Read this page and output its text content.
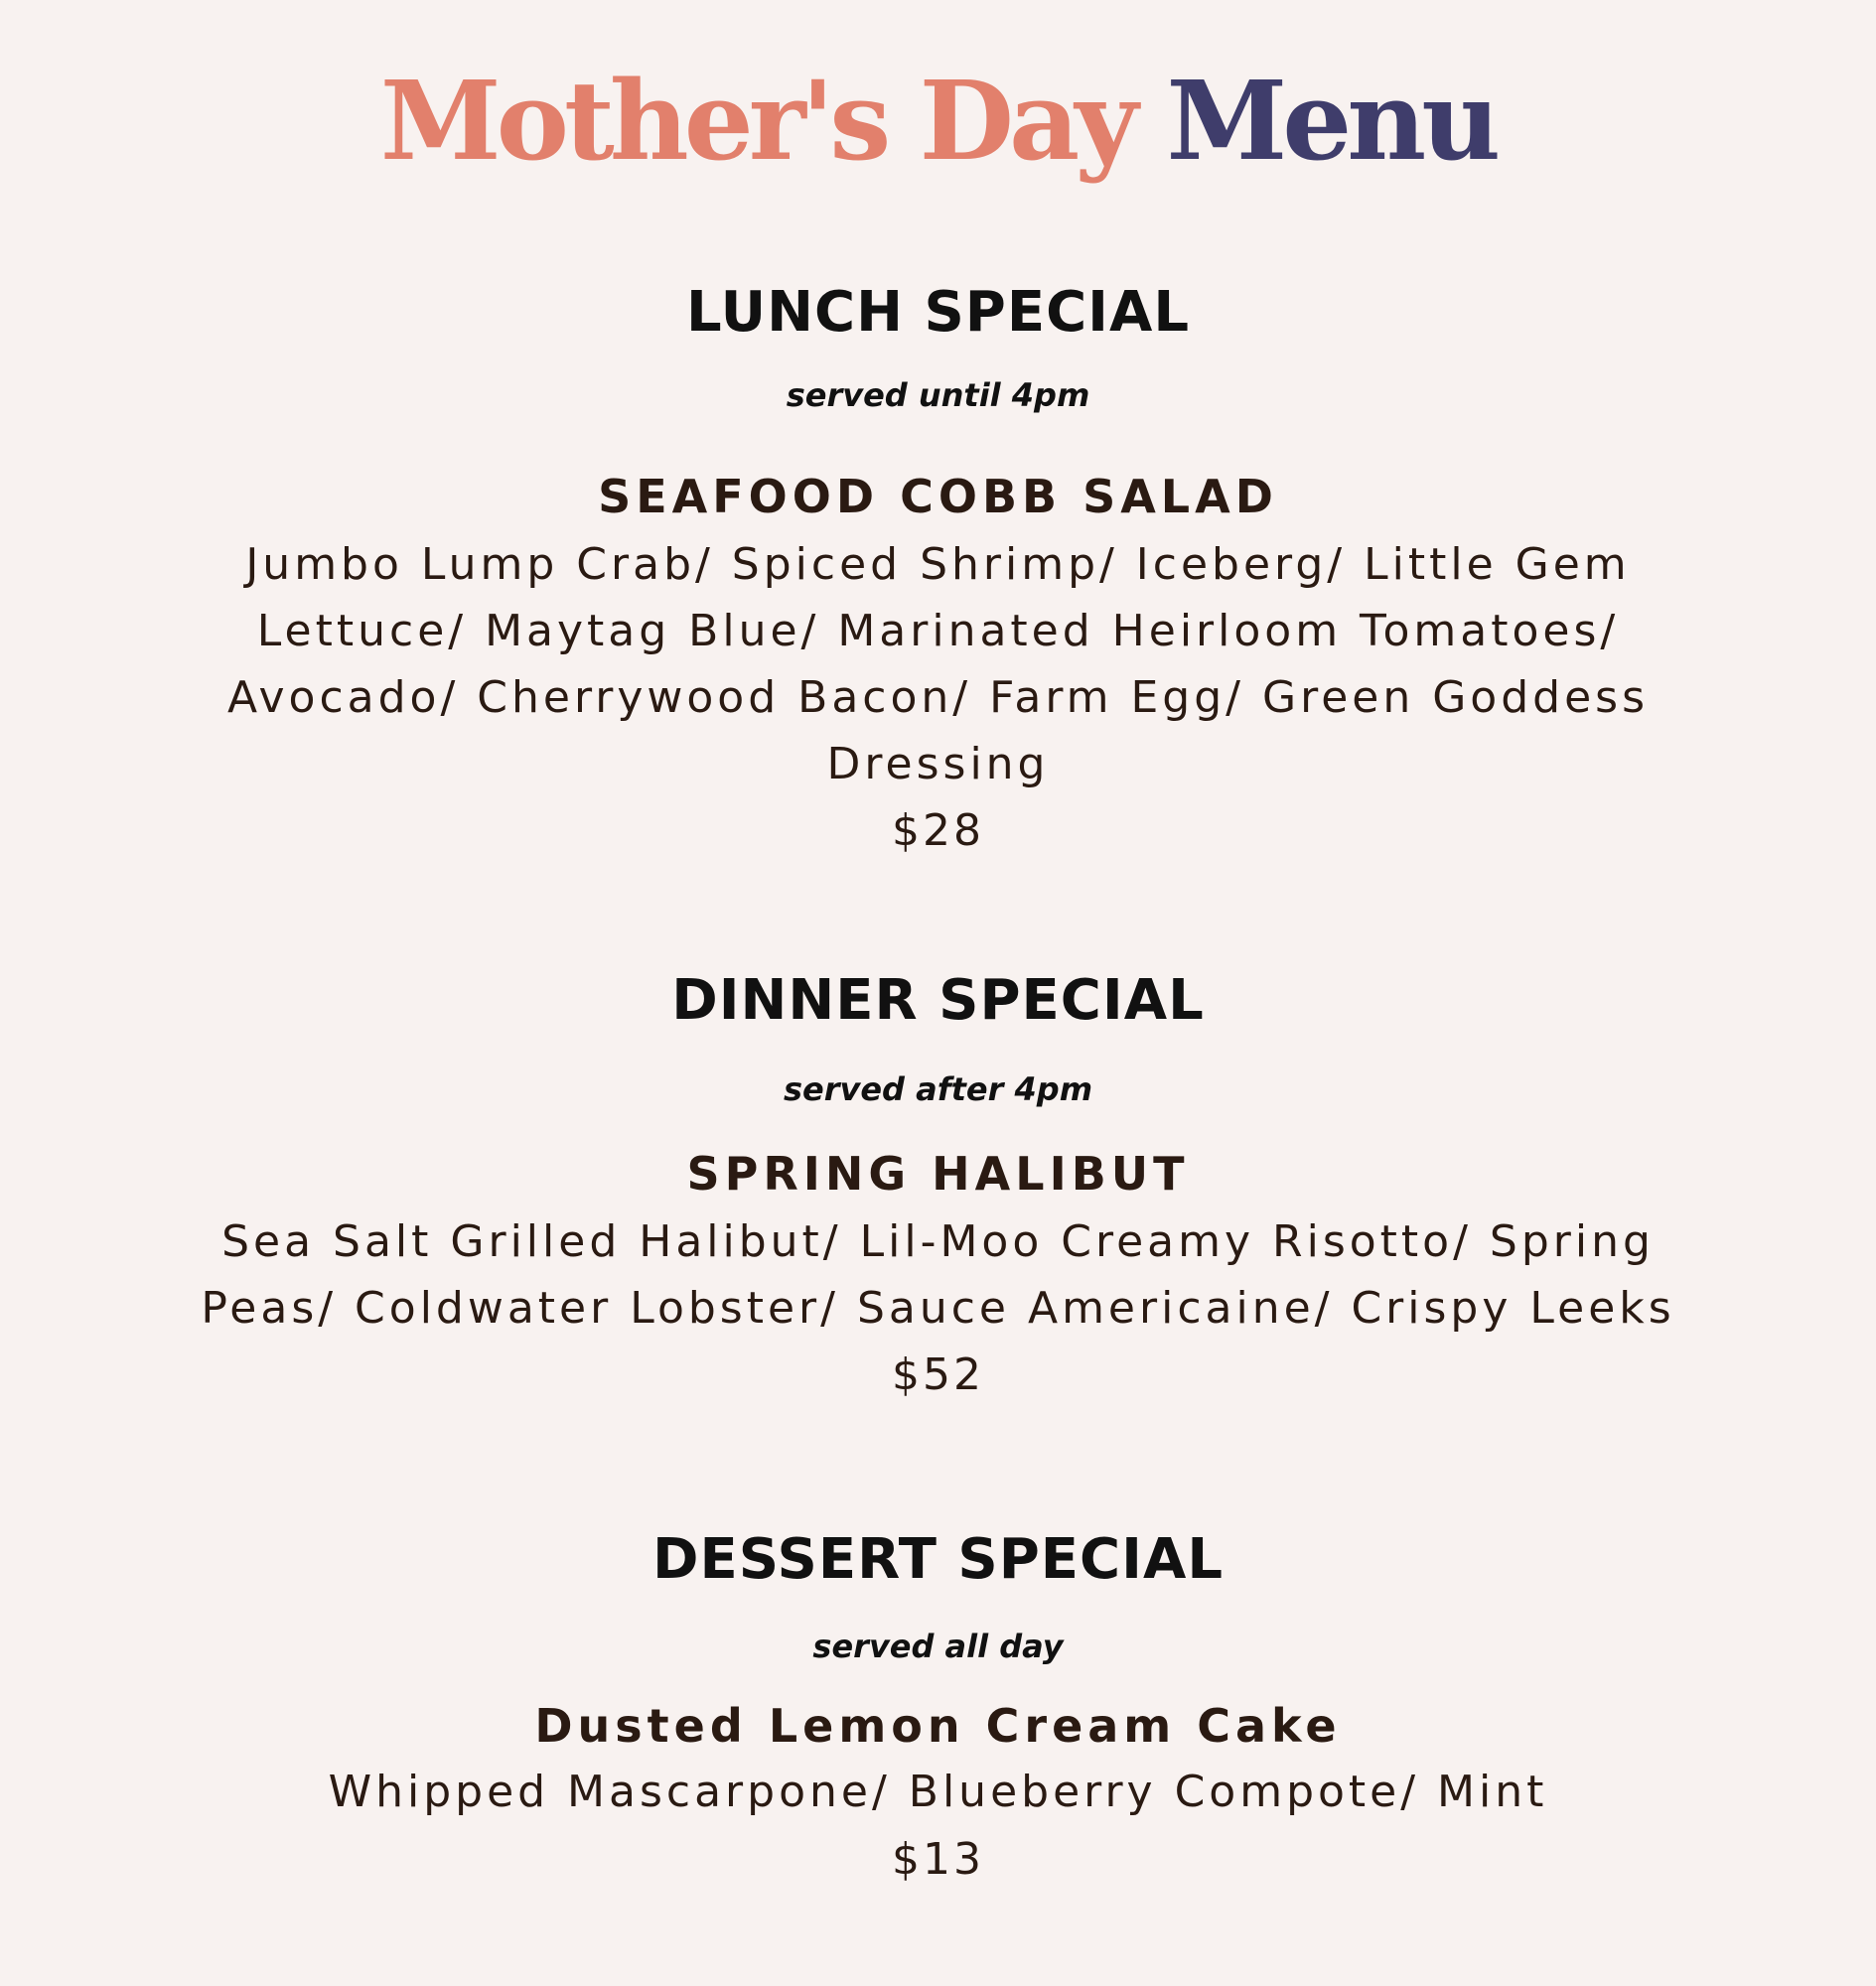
Mother's Day Menu
LUNCH SPECIAL
served until 4pm
SEAFOOD COBB SALAD
Jumbo Lump Crab/ Spiced Shrimp/ Iceberg/ Little Gem
Lettuce/ Maytag Blue/ Marinated Heirloom Tomatoes/
Avocado/ Cherrywood Bacon/ Farm Egg/ Green Goddess
Dressing
$28
DINNER SPECIAL
served after 4pm
SPRING HALIBUT
Sea Salt Grilled Halibut/ Lil-Moo Creamy Risotto/ Spring
Peas/ Coldwater Lobster/ Sauce Americaine/ Crispy Leeks
$52
DESSERT SPECIAL
served all day
Dusted Lemon Cream Cake
Whipped Mascarpone/ Blueberry Compote/ Mint
$13
